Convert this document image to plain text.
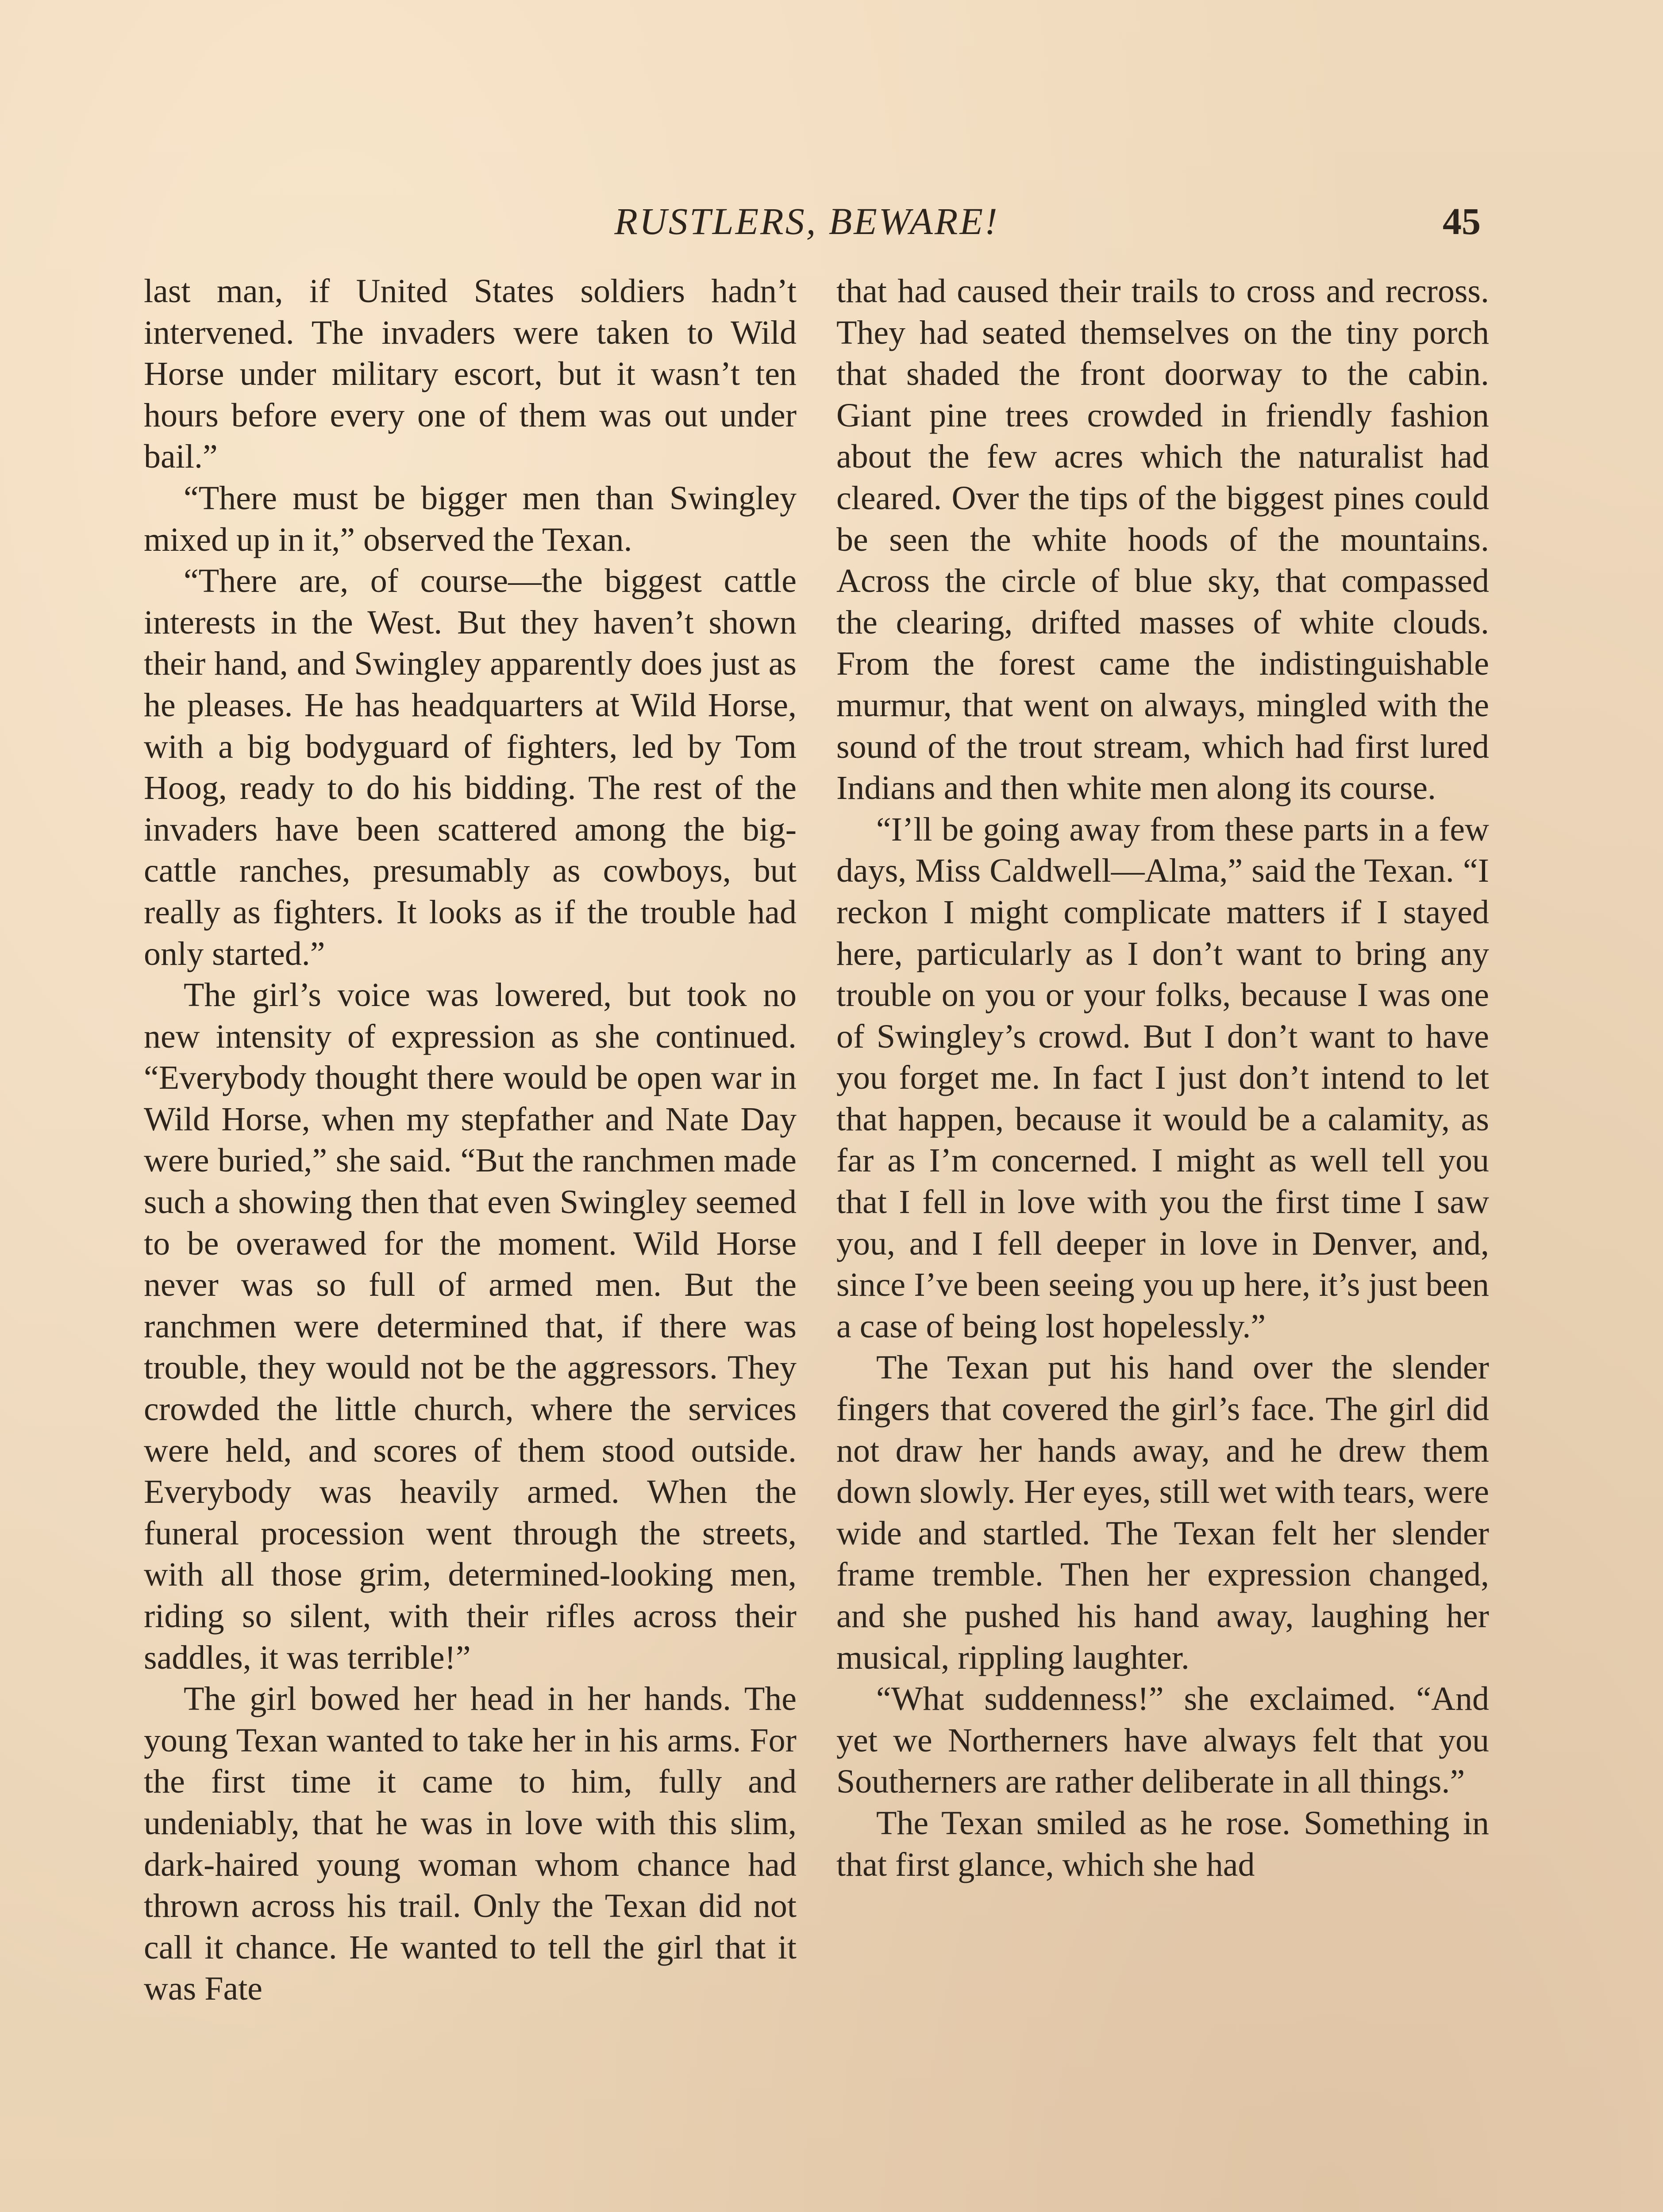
RUSTLERS, BEWARE!	45

last man, if United States soldiers hadn’t intervened. The invaders were taken to Wild Horse under military escort, but it wasn’t ten hours before every one of them was out under bail.”

“There must be bigger men than Swingley mixed up in it,” observed the Texan.

“There are, of course—the biggest cattle interests in the West. But they haven’t shown their hand, and Swingley apparently does just as he pleases. He has headquarters at Wild Horse, with a big bodyguard of fighters, led by Tom Hoog, ready to do his bidding. The rest of the invaders have been scattered among the big-cattle ranches, presumably as cowboys, but really as fighters. It looks as if the trouble had only started.”

The girl’s voice was lowered, but took no new intensity of expression as she continued. “Everybody thought there would be open war in Wild Horse, when my stepfather and Nate Day were buried,” she said. “But the ranchmen made such a showing then that even Swingley seemed to be overawed for the moment. Wild Horse never was so full of armed men. But the ranchmen were determined that, if there was trouble, they would not be the aggressors. They crowded the little church, where the services were held, and scores of them stood outside. Everybody was heavily armed. When the funeral procession went through the streets, with all those grim, determined-looking men, riding so silent, with their rifles across their saddles, it was terrible!”

The girl bowed her head in her hands. The young Texan wanted to take her in his arms. For the first time it came to him, fully and undeniably, that he was in love with this slim, dark-haired young woman whom chance had thrown across his trail. Only the Texan did not call it chance. He wanted to tell the girl that it was Fate

that had caused their trails to cross and recross. They had seated themselves on the tiny porch that shaded the front doorway to the cabin. Giant pine trees crowded in friendly fashion about the few acres which the naturalist had cleared. Over the tips of the biggest pines could be seen the white hoods of the mountains. Across the circle of blue sky, that compassed the clearing, drifted masses of white clouds. From the forest came the indistinguishable murmur, that went on always, mingled with the sound of the trout stream, which had first lured Indians and then white men along its course.

“I’ll be going away from these parts in a few days, Miss Caldwell—Alma,” said the Texan. “I reckon I might complicate matters if I stayed here, particularly as I don’t want to bring any trouble on you or your folks, because I was one of Swingley’s crowd. But I don’t want to have you forget me. In fact I just don’t intend to let that happen, because it would be a calamity, as far as I’m concerned. I might as well tell you that I fell in love with you the first time I saw you, and I fell deeper in love in Denver, and, since I’ve been seeing you up here, it’s just been a case of being lost hopelessly.”

The Texan put his hand over the slender fingers that covered the girl’s face. The girl did not draw her hands away, and he drew them down slowly. Her eyes, still wet with tears, were wide and startled. The Texan felt her slender frame tremble. Then her expression changed, and she pushed his hand away, laughing her musical, rippling laughter.

“What suddenness!” she exclaimed. “And yet we Northerners have always felt that you Southerners are rather deliberate in all things.”

The Texan smiled as he rose. Something in that first glance, which she had
